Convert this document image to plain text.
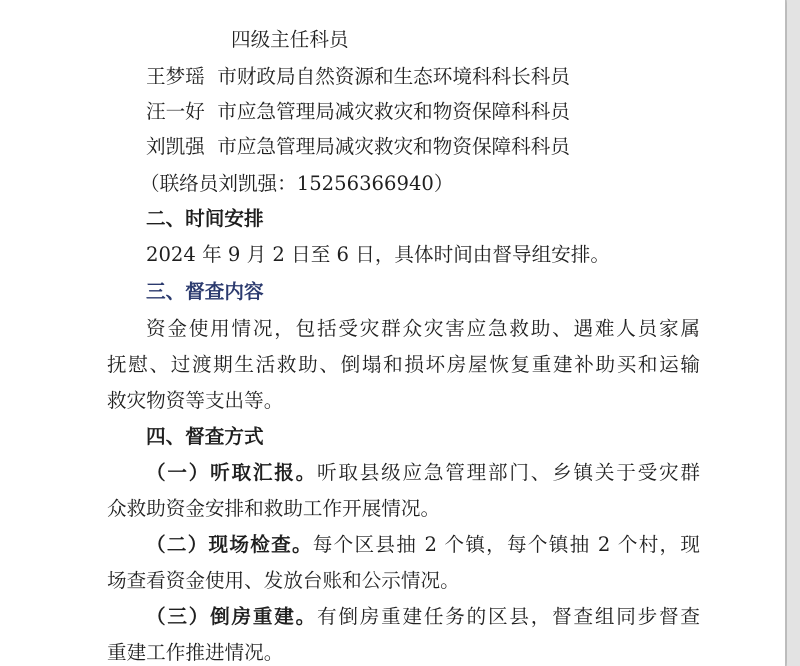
四级主任科员
王梦瑶 市财政局自然资源和生态环境科科长科员
汪一好 市应急管理局减灾救灾和物资保障科科员
刘凯强 市应急管理局减灾救灾和物资保障科科员
（联络员刘凯强：15256366940）
二、时间安排
2024 年 9 月 2 日至 6 日，具体时间由督导组安排。
三、督查内容
资金使用情况，包括受灾群众灾害应急救助、遇难人员家属
抚慰、过渡期生活救助、倒塌和损坏房屋恢复重建补助买和运输
救灾物资等支出等。
四、督查方式
（一）听取汇报。听取县级应急管理部门、乡镇关于受灾群
众救助资金安排和救助工作开展情况。
（二）现场检查。每个区县抽 2 个镇，每个镇抽 2 个村，现
场查看资金使用、发放台账和公示情况。
（三）倒房重建。有倒房重建任务的区县，督查组同步督查
重建工作推进情况。
